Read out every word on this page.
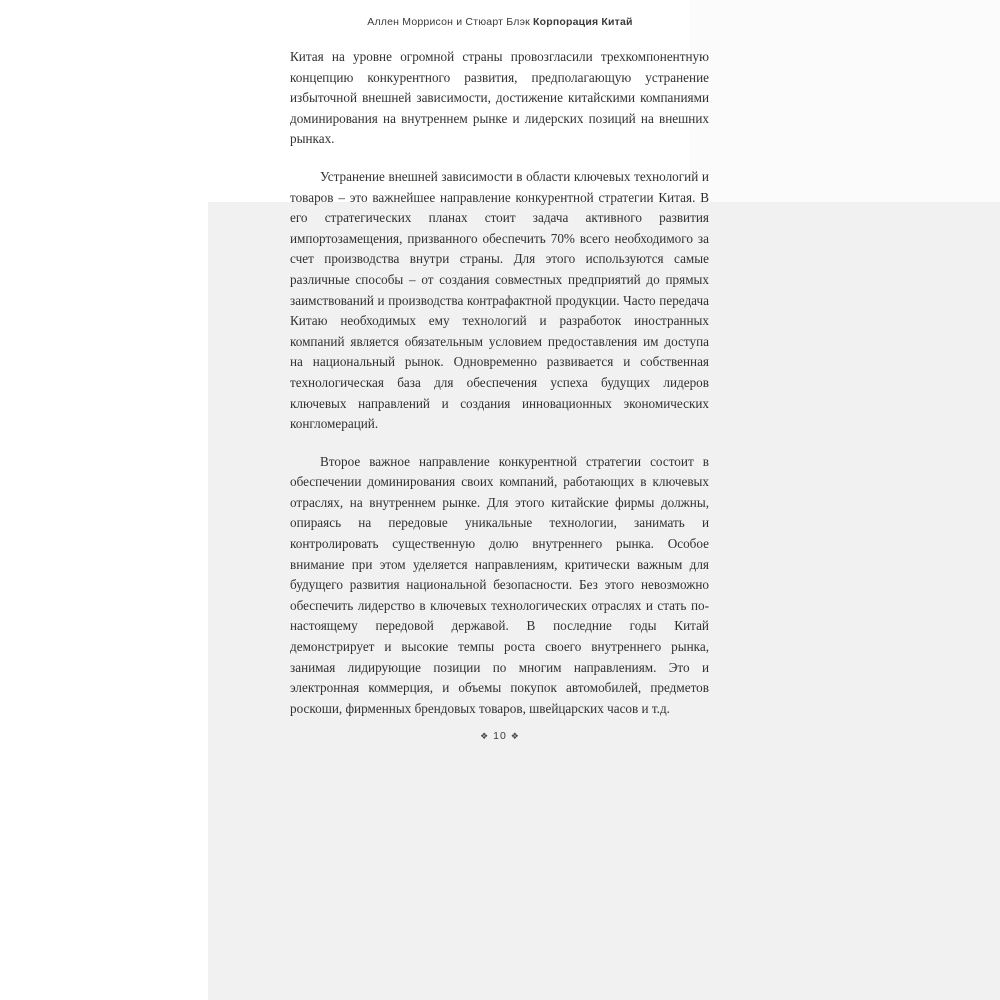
Аллен Моррисон и Стюарт Блэк Корпорация Китай

Китая на уровне огромной страны провозгласили трехкомпонентную концепцию конкурентного развития, предполагающую устранение избыточной внешней зависимости, достижение китайскими компаниями доминирования на внутреннем рынке и лидерских позиций на внешних рынках.

Устранение внешней зависимости в области ключевых технологий и товаров – это важнейшее направление конкурентной стратегии Китая. В его стратегических планах стоит задача активного развития импортозамещения, призванного обеспечить 70% всего необходимого за счет производства внутри страны. Для этого используются самые различные способы – от создания совместных предприятий до прямых заимствований и производства контрафактной продукции. Часто передача Китаю необходимых ему технологий и разработок иностранных компаний является обязательным условием предоставления им доступа на национальный рынок. Одновременно развивается и собственная технологическая база для обеспечения успеха будущих лидеров ключевых направлений и создания инновационных экономических конгломераций.

Второе важное направление конкурентной стратегии состоит в обеспечении доминирования своих компаний, работающих в ключевых отраслях, на внутреннем рынке. Для этого китайские фирмы должны, опираясь на передовые уникальные технологии, занимать и контролировать существенную долю внутреннего рынка. Особое внимание при этом уделяется направлениям, критически важным для будущего развития национальной безопасности. Без этого невозможно обеспечить лидерство в ключевых технологических отраслях и стать по-настоящему передовой державой. В последние годы Китай демонстрирует и высокие темпы роста своего внутреннего рынка, занимая лидирующие позиции по многим направлениям. Это и электронная коммерция, и объемы покупок автомобилей, предметов роскоши, фирменных брендовых товаров, швейцарских часов и т.д.

❖ 10 ❖
